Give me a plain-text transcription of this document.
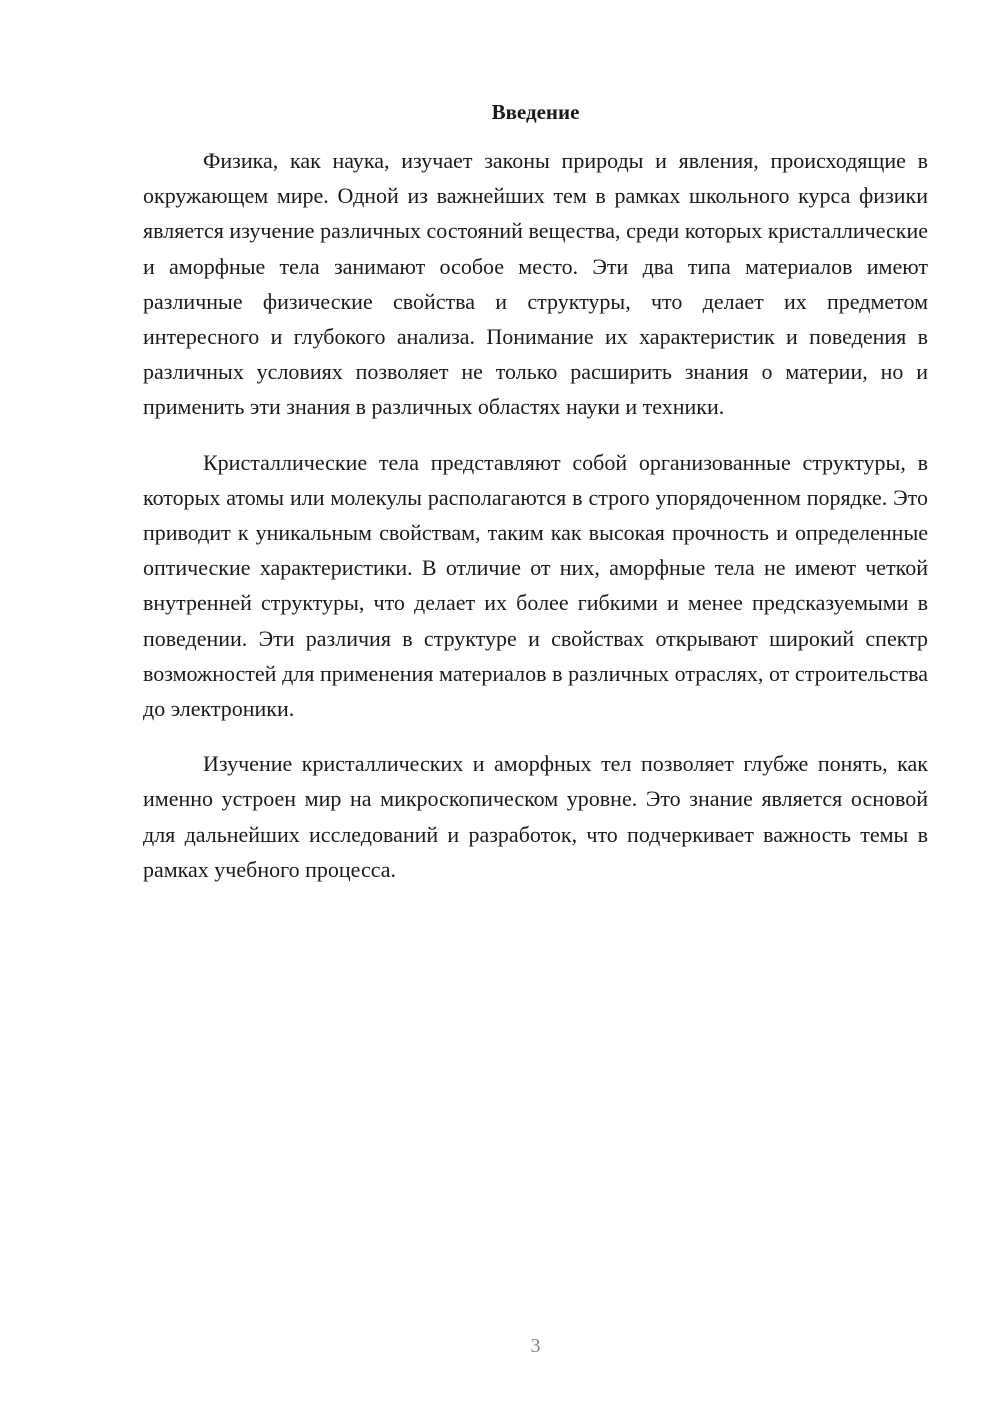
Введение

Физика, как наука, изучает законы природы и явления, происходящие в окружающем мире. Одной из важнейших тем в рамках школьного курса физики является изучение различных состояний вещества, среди которых кристаллические и аморфные тела занимают особое место. Эти два типа материалов имеют различные физические свойства и структуры, что делает их предметом интересного и глубокого анализа. Понимание их характеристик и поведения в различных условиях позволяет не только расширить знания о материи, но и применить эти знания в различных областях науки и техники.

Кристаллические тела представляют собой организованные структуры, в которых атомы или молекулы располагаются в строго упорядоченном порядке. Это приводит к уникальным свойствам, таким как высокая прочность и определенные оптические характеристики. В отличие от них, аморфные тела не имеют четкой внутренней структуры, что делает их более гибкими и менее предсказуемыми в поведении. Эти различия в структуре и свойствах открывают широкий спектр возможностей для применения материалов в различных отраслях, от строительства до электроники.

Изучение кристаллических и аморфных тел позволяет глубже понять, как именно устроен мир на микроскопическом уровне. Это знание является основой для дальнейших исследований и разработок, что подчеркивает важность темы в рамках учебного процесса.

3
